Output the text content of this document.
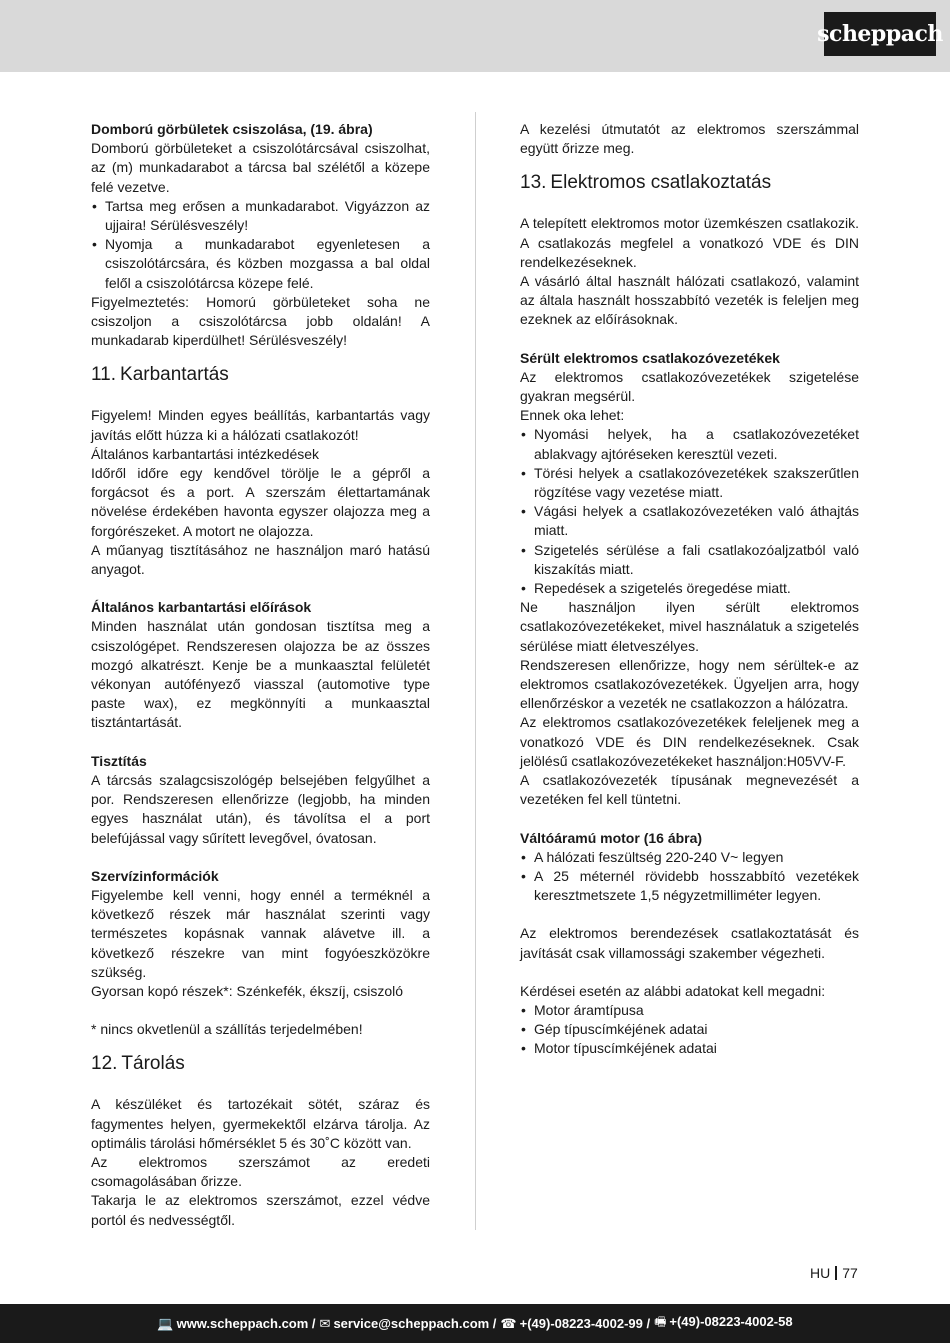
scheppach

Domború görbületek csiszolása, (19. ábra)

Domború görbületeket a csiszolótárcsával csiszolhat, az (m) munkadarabot a tárcsa bal szélétől a közepe felé vezetve.

• Tartsa meg erősen a munkadarabot. Vigyázzon az ujjaira! Sérülésveszély!
• Nyomja a munkadarabot egyenletesen a csiszolótárcsára, és közben mozgassa a bal oldal felől a csiszolótárcsa közepe felé.

Figyelmeztetés: Homorú görbületeket soha ne csiszoljon a csiszolótárcsa jobb oldalán! A munkadarab kiperdülhet! Sérülésveszély!

11. Karbantartás

Figyelem! Minden egyes beállítás, karbantartás vagy javítás előtt húzza ki a hálózati csatlakozót!

Általános karbantartási intézkedések

Időről időre egy kendővel törölje le a gépről a forgácsot és a port. A szerszám élettartamának növelése érdekében havonta egyszer olajozza meg a forgórészeket. A motort ne olajozza.

A műanyag tisztításához ne használjon maró hatású anyagot.

Általános karbantartási előírások

Minden használat után gondosan tisztítsa meg a csiszológépet. Rendszeresen olajozza be az összes mozgó alkatrészt. Kenje be a munkaasztal felületét vékonyan autófényező viasszal (automotive type paste wax), ez megkönnyíti a munkaasztal tisztántartását.

Tisztítás

A tárcsás szalagcsiszológép belsejében felgyűlhet a por. Rendszeresen ellenőrizze (legjobb, ha minden egyes használat után), és távolítsa el a port belefújással vagy sűrített levegővel, óvatosan.

Szervízinformációk

Figyelembe kell venni, hogy ennél a terméknél a következő részek már használat szerinti vagy természetes kopásnak vannak alávetve ill. a következő részekre van mint fogyóeszközökre szükség.

Gyorsan kopó részek*: Szénkefék, ékszíj, csiszoló

* nincs okvetlenül a szállítás terjedelmében!

12. Tárolás

A készüléket és tartozékait sötét, száraz és fagymentes helyen, gyermekektől elzárva tárolja. Az optimális tárolási hőmérséklet 5 és 30˚C között van.

Az elektromos szerszámot az eredeti csomagolásában őrizze.

Takarja le az elektromos szerszámot, ezzel védve portól és nedvességtől.

A kezelési útmutatót az elektromos szerszámmal együtt őrizze meg.

13. Elektromos csatlakoztatás

A telepített elektromos motor üzemkészen csatlakozik. A csatlakozás megfelel a vonatkozó VDE és DIN rendelkezéseknek.

A vásárló által használt hálózati csatlakozó, valamint az általa használt hosszabbító vezeték is feleljen meg ezeknek az előírásoknak.

Sérült elektromos csatlakozóvezetékek

Az elektromos csatlakozóvezetékek szigetelése gyakran megsérül.

Ennek oka lehet:

• Nyomási helyek, ha a csatlakozóvezetéket ablakvagy ajtóréseken keresztül vezeti.
• Törési helyek a csatlakozóvezetékek szakszerűtlen rögzítése vagy vezetése miatt.
• Vágási helyek a csatlakozóvezetéken való áthajtás miatt.
• Szigetelés sérülése a fali csatlakozóaljzatból való kiszakítás miatt.
• Repedések a szigetelés öregedése miatt.

Ne használjon ilyen sérült elektromos csatlakozóvezetékeket, mivel használatuk a szigetelés sérülése miatt életveszélyes.

Rendszeresen ellenőrizze, hogy nem sérültek-e az elektromos csatlakozóvezetékek. Ügyeljen arra, hogy ellenőrzéskor a vezeték ne csatlakozzon a hálózatra.

Az elektromos csatlakozóvezetékek feleljenek meg a vonatkozó VDE és DIN rendelkezéseknek. Csak jelölésű csatlakozóvezetékeket használjon:H05VV-F.

A csatlakozóvezeték típusának megnevezését a vezetéken fel kell tüntetni.

Váltóáramú motor (16 ábra)

• A hálózati feszültség 220-240 V~ legyen
• A 25 méternél rövidebb hosszabbító vezetékek keresztmetszete 1,5 négyzetmilliméter legyen.

Az elektromos berendezések csatlakoztatását és javítását csak villamossági szakember végezheti.

Kérdései esetén az alábbi adatokat kell megadni:

• Motor áramtípusa
• Gép típuscímkéjének adatai
• Motor típuscímkéjének adatai
HU 77
💻 www.scheppach.com / ✉ service@scheppach.com / ☎ +(49)-08223-4002-99 / 🖷 +(49)-08223-4002-58
